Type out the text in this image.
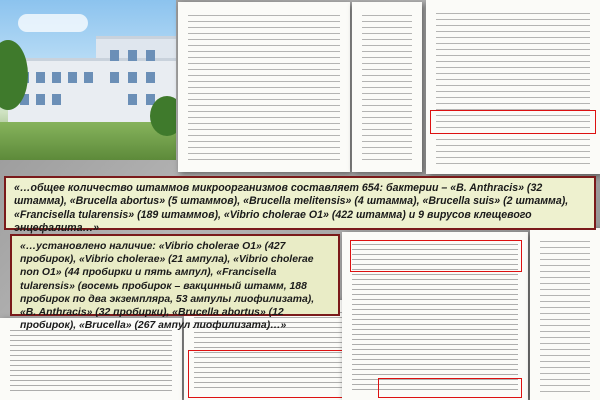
«…общее количество штаммов микроорганизмов составляет 654: бактерии – «B. Anthracis» (32 штамма), «Brucella abortus» (5 штаммов), «Brucella melitensis» (4 штамма), «Brucella suis» (2 штамма), «Francisella tularensis» (189 штаммов), «Vibrio cholerae O1» (422 штамма) и 9 вирусов клещевого энцефалита…»
«…установлено наличие: «Vibrio cholerae O1» (427 пробирок), «Vibrio cholerae» (21 ампула), «Vibrio cholerae non O1» (44 пробирки и пять ампул), «Francisella tularensis» (восемь пробирок – вакцинный штамм, 188 пробирок по два экземпляра, 53 ампулы лиофилизата), «B. Anthracis» (32 пробирки), «Brucella abortus» (12 пробирок), «Brucellа» (267 ампул лиофилизата)…»
